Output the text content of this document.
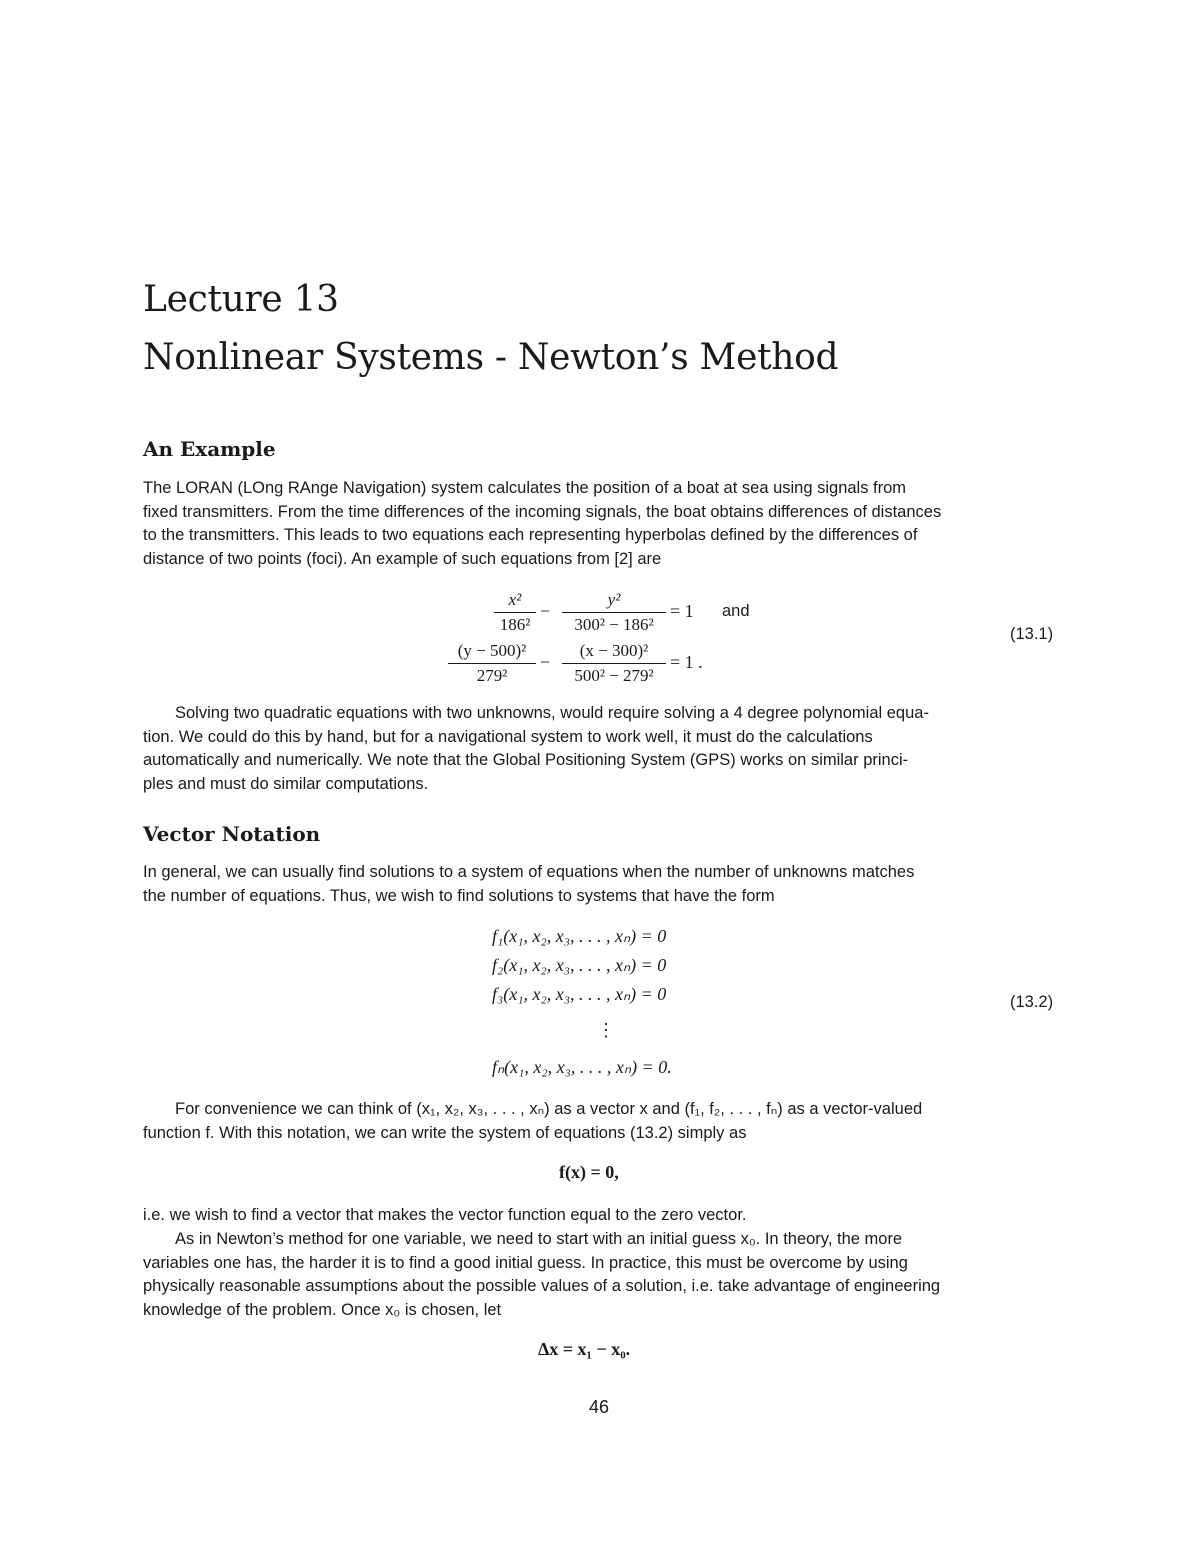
Lecture 13
Nonlinear Systems - Newton’s Method
An Example
The LORAN (LOng RAnge Navigation) system calculates the position of a boat at sea using signals from
fixed transmitters. From the time differences of the incoming signals, the boat obtains differences of distances
to the transmitters. This leads to two equations each representing hyperbolas defined by the differences of
distance of two points (foci). An example of such equations from [2] are
x²
186²
−
y²
300² − 186²
= 1 and
(y − 500)²
279²
−
(x − 300)²
500² − 279²
= 1 .
(13.1)
Solving two quadratic equations with two unknowns, would require solving a 4 degree polynomial equa-
tion. We could do this by hand, but for a navigational system to work well, it must do the calculations
automatically and numerically. We note that the Global Positioning System (GPS) works on similar princi-
ples and must do similar computations.
Vector Notation
In general, we can usually find solutions to a system of equations when the number of unknowns matches
the number of equations. Thus, we wish to find solutions to systems that have the form
f₁(x₁, x₂, x₃, . . . , xₙ) = 0
f₂(x₁, x₂, x₃, . . . , xₙ) = 0
f₃(x₁, x₂, x₃, . . . , xₙ) = 0
⋮
fₙ(x₁, x₂, x₃, . . . , xₙ) = 0.
(13.2)
For convenience we can think of (x₁, x₂, x₃, . . . , xₙ) as a vector x and (f₁, f₂, . . . , fₙ) as a vector-valued
function f. With this notation, we can write the system of equations (13.2) simply as
f(x) = 0,
i.e. we wish to find a vector that makes the vector function equal to the zero vector.
As in Newton’s method for one variable, we need to start with an initial guess x₀. In theory, the more
variables one has, the harder it is to find a good initial guess. In practice, this must be overcome by using
physically reasonable assumptions about the possible values of a solution, i.e. take advantage of engineering
knowledge of the problem. Once x₀ is chosen, let
Δx = x₁ − x₀.
46
